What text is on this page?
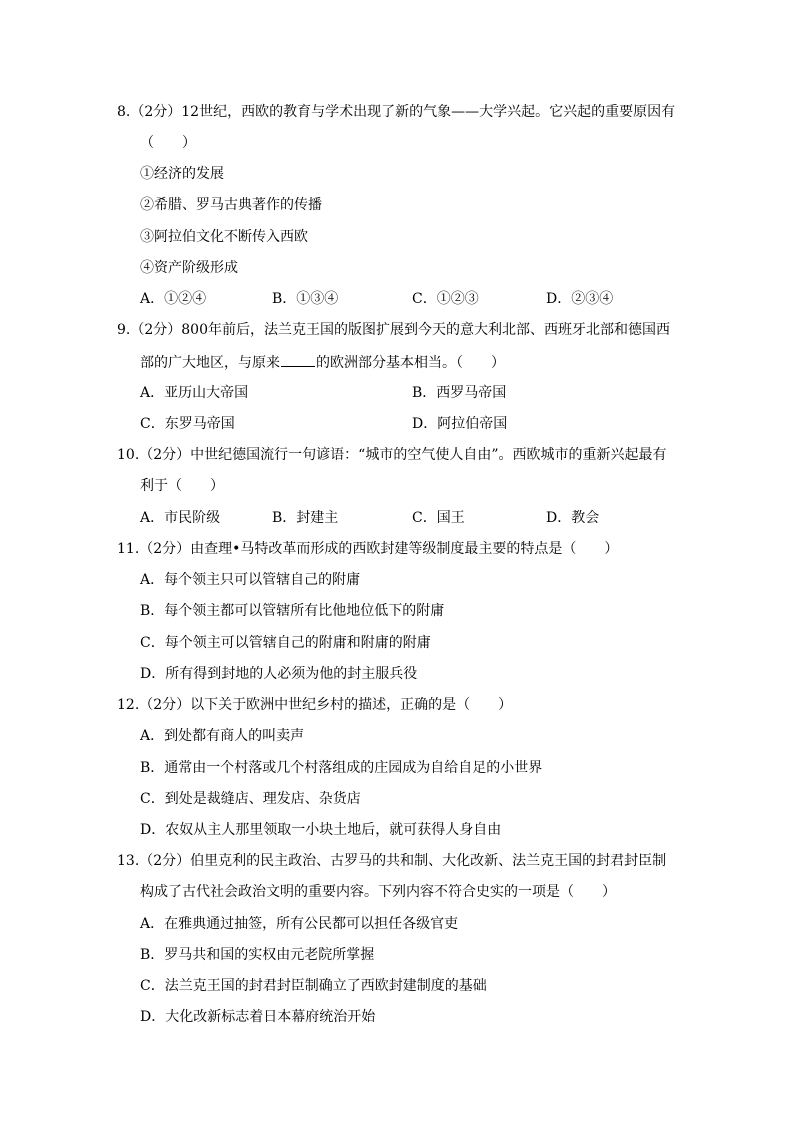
8.（2分）12世纪，西欧的教育与学术出现了新的气象——大学兴起。它兴起的重要原因有
（　　）
①经济的发展
②希腊、罗马古典著作的传播
③阿拉伯文化不断传入西欧
④资产阶级形成
A．①②④	B．①③④	C．①②③	D．②③④
9.（2分）800年前后，法兰克王国的版图扩展到今天的意大利北部、西班牙北部和德国西
部的广大地区，与原来	的欧洲部分基本相当。（　　）
A．亚历山大帝国	B．西罗马帝国
C．东罗马帝国	D．阿拉伯帝国
10.（2分）中世纪德国流行一句谚语：“城市的空气使人自由”。西欧城市的重新兴起最有
利于（　　）
A．市民阶级	B．封建主	C．国王	D．教会
11.（2分）由查理•马特改革而形成的西欧封建等级制度最主要的特点是（　　）
A．每个领主只可以管辖自己的附庸
B．每个领主都可以管辖所有比他地位低下的附庸
C．每个领主可以管辖自己的附庸和附庸的附庸
D．所有得到封地的人必须为他的封主服兵役
12.（2分）以下关于欧洲中世纪乡村的描述，正确的是（　　）
A．到处都有商人的叫卖声
B．通常由一个村落或几个村落组成的庄园成为自给自足的小世界
C．到处是裁缝店、理发店、杂货店
D．农奴从主人那里领取一小块土地后，就可获得人身自由
13.（2分）伯里克利的民主政治、古罗马的共和制、大化改新、法兰克王国的封君封臣制
构成了古代社会政治文明的重要内容。下列内容不符合史实的一项是（　　）
A．在雅典通过抽签，所有公民都可以担任各级官吏
B．罗马共和国的实权由元老院所掌握
C．法兰克王国的封君封臣制确立了西欧封建制度的基础
D．大化改新标志着日本幕府统治开始
